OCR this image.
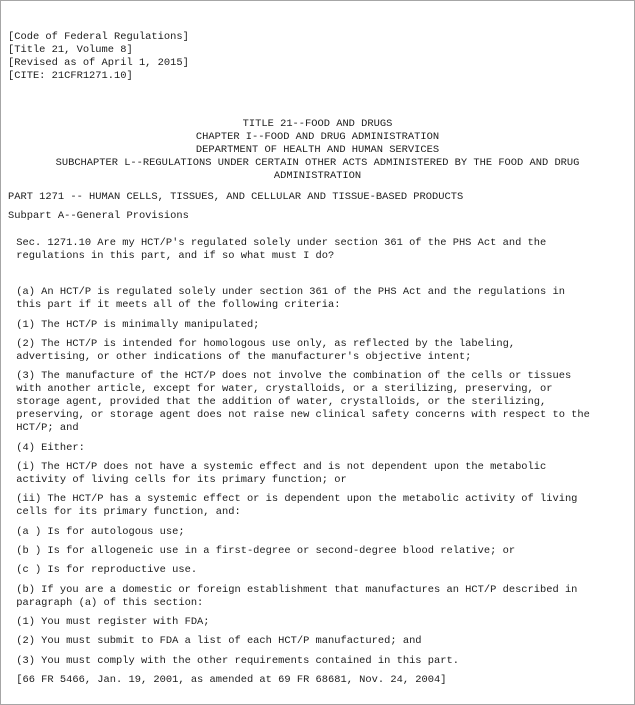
[Code of Federal Regulations]
[Title 21, Volume 8]
[Revised as of April 1, 2015]
[CITE: 21CFR1271.10]
TITLE 21--FOOD AND DRUGS
CHAPTER I--FOOD AND DRUG ADMINISTRATION
DEPARTMENT OF HEALTH AND HUMAN SERVICES
SUBCHAPTER L--REGULATIONS UNDER CERTAIN OTHER ACTS ADMINISTERED BY THE FOOD AND DRUG
ADMINISTRATION
PART 1271 -- HUMAN CELLS, TISSUES, AND CELLULAR AND TISSUE-BASED PRODUCTS
Subpart A--General Provisions
Sec. 1271.10 Are my HCT/P's regulated solely under section 361 of the PHS Act and the
regulations in this part, and if so what must I do?
(a) An HCT/P is regulated solely under section 361 of the PHS Act and the regulations in
this part if it meets all of the following criteria:
(1) The HCT/P is minimally manipulated;
(2) The HCT/P is intended for homologous use only, as reflected by the labeling,
advertising, or other indications of the manufacturer's objective intent;
(3) The manufacture of the HCT/P does not involve the combination of the cells or tissues
with another article, except for water, crystalloids, or a sterilizing, preserving, or
storage agent, provided that the addition of water, crystalloids, or the sterilizing,
preserving, or storage agent does not raise new clinical safety concerns with respect to the
HCT/P; and
(4) Either:
(i) The HCT/P does not have a systemic effect and is not dependent upon the metabolic
activity of living cells for its primary function; or
(ii) The HCT/P has a systemic effect or is dependent upon the metabolic activity of living
cells for its primary function, and:
(a ) Is for autologous use;
(b ) Is for allogeneic use in a first-degree or second-degree blood relative; or
(c ) Is for reproductive use.
(b) If you are a domestic or foreign establishment that manufactures an HCT/P described in
paragraph (a) of this section:
(1) You must register with FDA;
(2) You must submit to FDA a list of each HCT/P manufactured; and
(3) You must comply with the other requirements contained in this part.
[66 FR 5466, Jan. 19, 2001, as amended at 69 FR 68681, Nov. 24, 2004]
